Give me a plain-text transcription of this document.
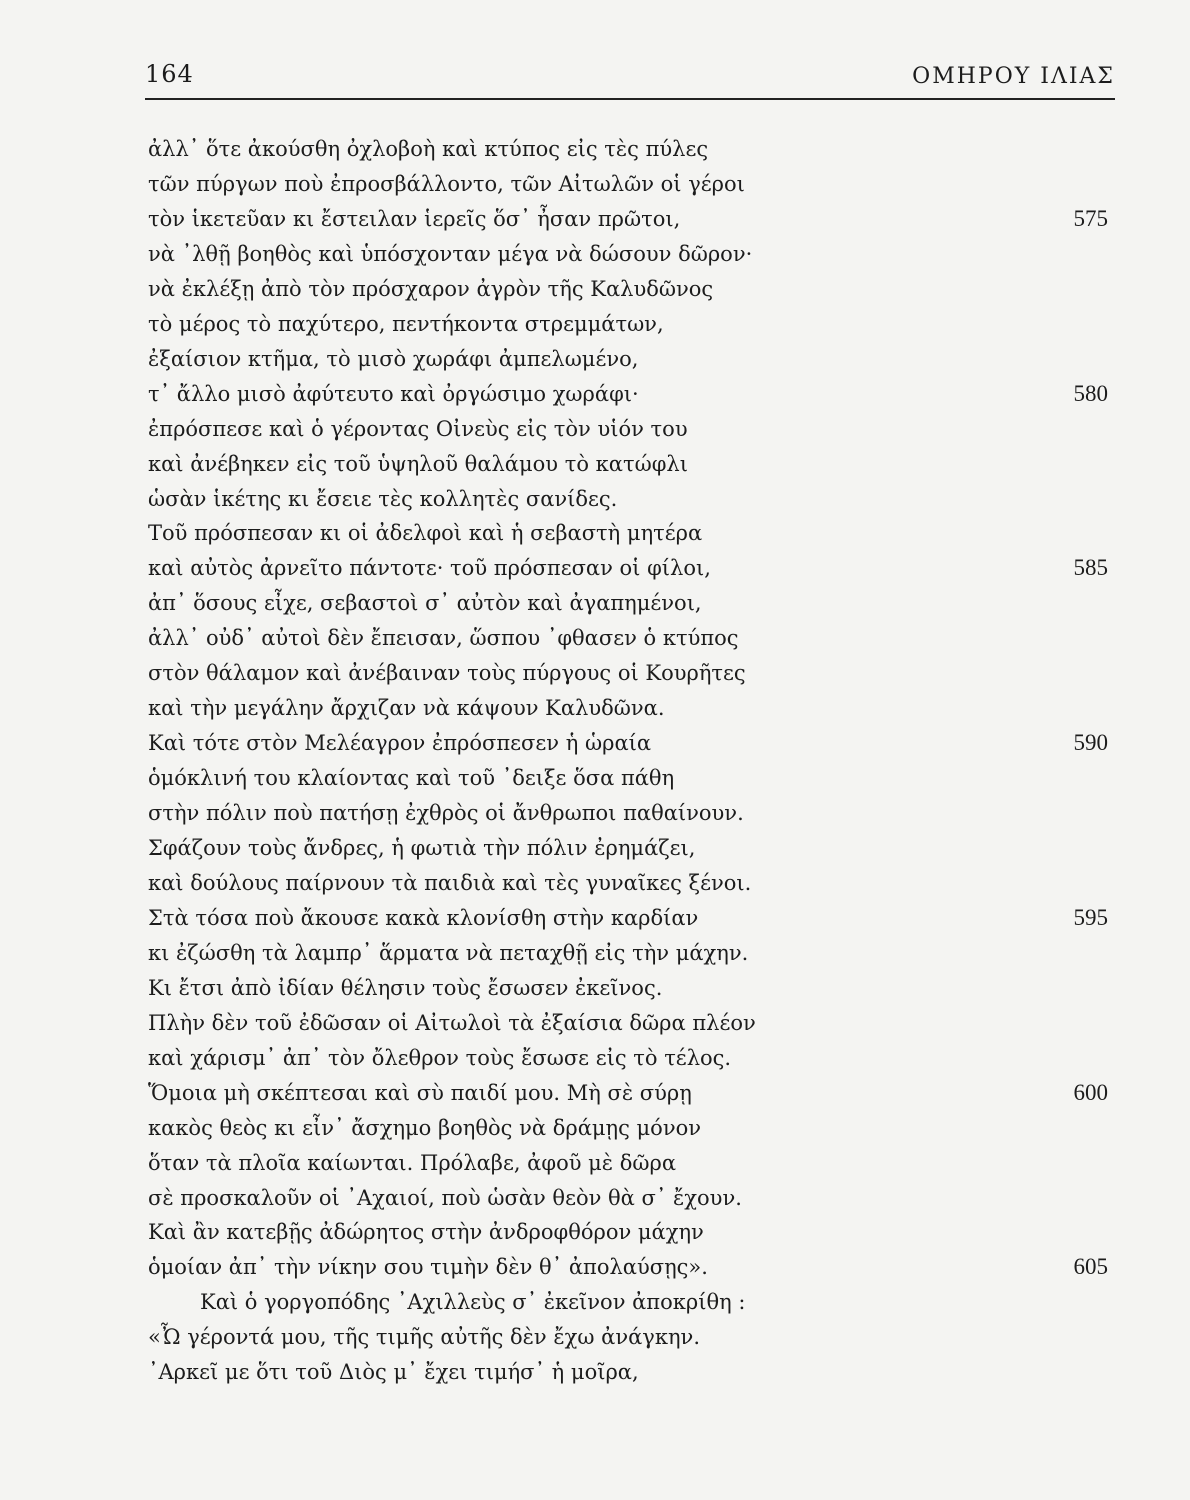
164	ΟΜΗΡΟΥ ΙΛΙΑΣ
ἀλλ᾽ ὅτε ἀκούσθη ὀχλοβοὴ καὶ κτύπος εἰς τὲς πύλες
τῶν πύργων ποὺ ἐπροσβάλλοντο, τῶν Αἰτωλῶν οἱ γέροι
τὸν ἱκετεῦαν κι ἔστειλαν ἱερεῖς ὅσ᾽ ἦσαν πρῶτοι,	575
νὰ ᾽λθῇ βοηθὸς καὶ ὑπόσχονταν μέγα νὰ δώσουν δῶρον·
νὰ ἐκλέξῃ ἀπὸ τὸν πρόσχαρον ἀγρὸν τῆς Καλυδῶνος
τὸ μέρος τὸ παχύτερο, πεντήκοντα στρεμμάτων,
ἐξαίσιον κτῆμα, τὸ μισὸ χωράφι ἀμπελωμένο,
τ᾽ ἄλλο μισὸ ἀφύτευτο καὶ ὀργώσιμο χωράφι·	580
ἐπρόσπεσε καὶ ὁ γέροντας Οἰνεὺς εἰς τὸν υἱόν του
καὶ ἀνέβηκεν εἰς τοῦ ὑψηλοῦ θαλάμου τὸ κατώφλι
ὡσὰν ἱκέτης κι ἔσειε τὲς κολλητὲς σανίδες.
Τοῦ πρόσπεσαν κι οἱ ἀδελφοὶ καὶ ἡ σεβαστὴ μητέρα
καὶ αὐτὸς ἀρνεῖτο πάντοτε· τοῦ πρόσπεσαν οἱ φίλοι,	585
ἀπ᾽ ὅσους εἶχε, σεβαστοὶ σ᾽ αὐτὸν καὶ ἀγαπημένοι,
ἀλλ᾽ οὐδ᾽ αὐτοὶ δὲν ἔπεισαν, ὥσπου ᾽φθασεν ὁ κτύπος
στὸν θάλαμον καὶ ἀνέβαιναν τοὺς πύργους οἱ Κουρῆτες
καὶ τὴν μεγάλην ἄρχιζαν νὰ κάψουν Καλυδῶνα.
Καὶ τότε στὸν Μελέαγρον ἐπρόσπεσεν ἡ ὡραία	590
ὁμόκλινή του κλαίοντας καὶ τοῦ ᾽δειξε ὅσα πάθη
στὴν πόλιν ποὺ πατήσῃ ἐχθρὸς οἱ ἄνθρωποι παθαίνουν.
Σφάζουν τοὺς ἄνδρες, ἡ φωτιὰ τὴν πόλιν ἐρημάζει,
καὶ δούλους παίρνουν τὰ παιδιὰ καὶ τὲς γυναῖκες ξένοι.
Στὰ τόσα ποὺ ἄκουσε κακὰ κλονίσθη στὴν καρδίαν	595
κι ἐζώσθη τὰ λαμπρ᾽ ἅρματα νὰ πεταχθῇ εἰς τὴν μάχην.
Κι ἔτσι ἀπὸ ἰδίαν θέλησιν τοὺς ἔσωσεν ἐκεῖνος.
Πλὴν δὲν τοῦ ἐδῶσαν οἱ Αἰτωλοὶ τὰ ἐξαίσια δῶρα πλέον
καὶ χάρισμ᾽ ἀπ᾽ τὸν ὄλεθρον τοὺς ἔσωσε εἰς τὸ τέλος.
Ὅμοια μὴ σκέπτεσαι καὶ σὺ παιδί μου. Μὴ σὲ σύρῃ	600
κακὸς θεὸς κι εἶν᾽ ἄσχημο βοηθὸς νὰ δράμῃς μόνον
ὅταν τὰ πλοῖα καίωνται. Πρόλαβε, ἀφοῦ μὲ δῶρα
σὲ προσκαλοῦν οἱ ᾽Αχαιοί, ποὺ ὡσὰν θεὸν θὰ σ᾽ ἔχουν.
Καὶ ἂν κατεβῇς ἀδώρητος στὴν ἀνδροφθόρον μάχην
ὁμοίαν ἀπ᾽ τὴν νίκην σου τιμὴν δὲν θ᾽ ἀπολαύσῃς».	605
Καὶ ὁ γοργοπόδης ᾽Αχιλλεὺς σ᾽ ἐκεῖνον ἀποκρίθη :
«Ὦ γέροντά μου, τῆς τιμῆς αὐτῆς δὲν ἔχω ἀνάγκην.
᾽Αρκεῖ με ὅτι τοῦ Διὸς μ᾽ ἔχει τιμήσ᾽ ἡ μοῖρα,
